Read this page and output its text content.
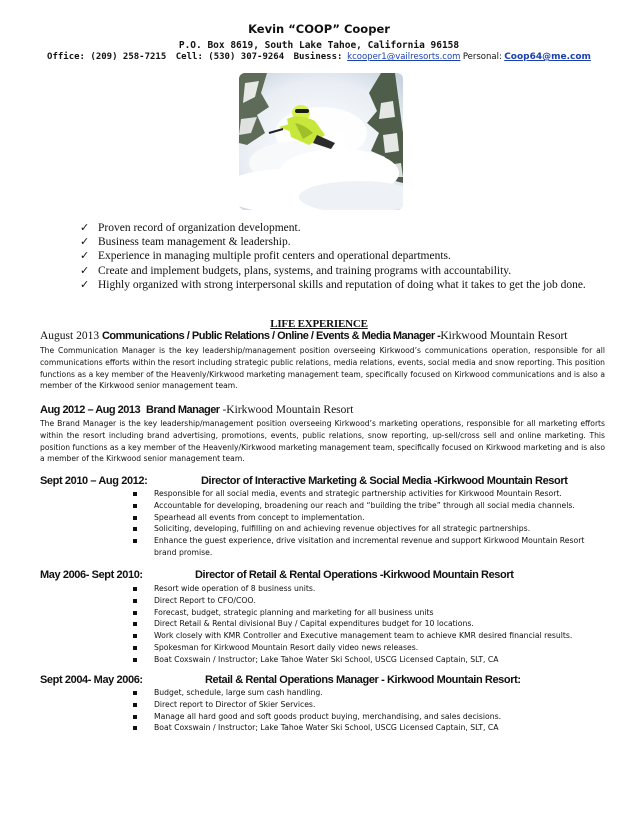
Kevin “COOP” Cooper
P.O. Box 8619, South Lake Tahoe, California 96158
Office: (209) 258-7215 Cell: (530) 307-9264 Business: kcooper1@vailresorts.com Personal: Coop64@me.com
✓ Proven record of organization development.
✓ Business team management & leadership.
✓ Experience in managing multiple profit centers and operational departments.
✓ Create and implement budgets, plans, systems, and training programs with accountability.
✓ Highly organized with strong interpersonal skills and reputation of doing what it takes to get the job done.
LIFE EXPERIENCE
August 2013 Communications / Public Relations / Online / Events & Media Manager -Kirkwood Mountain Resort
The Communication Manager is the key leadership/management position overseeing Kirkwood’s communications operation, responsible for all communications efforts within the resort including strategic public relations, media relations, events, social media and snow reporting. This position functions as a key member of the Heavenly/Kirkwood marketing management team, specifically focused on Kirkwood communications and is also a member of the Kirkwood senior management team.
Aug 2012 – Aug 2013 Brand Manager -Kirkwood Mountain Resort
The Brand Manager is the key leadership/management position overseeing Kirkwood’s marketing operations, responsible for all marketing efforts within the resort including brand advertising, promotions, events, public relations, snow reporting, up-sell/cross sell and online marketing. This position functions as a key member of the Heavenly/Kirkwood marketing management team, specifically focused on Kirkwood marketing and is also a member of the Kirkwood senior management team.
Sept 2010 – Aug 2012:	Director of Interactive Marketing & Social Media -Kirkwood Mountain Resort
Responsible for all social media, events and strategic partnership activities for Kirkwood Mountain Resort.
Accountable for developing, broadening our reach and “building the tribe” through all social media channels.
Spearhead all events from concept to implementation.
Soliciting, developing, fulfilling on and achieving revenue objectives for all strategic partnerships.
Enhance the guest experience, drive visitation and incremental revenue and support Kirkwood Mountain Resort brand promise.
May 2006- Sept 2010:	Director of Retail & Rental Operations -Kirkwood Mountain Resort
Resort wide operation of 8 business units.
Direct Report to CFO/COO.
Forecast, budget, strategic planning and marketing for all business units
Direct Retail & Rental divisional Buy / Capital expenditures budget for 10 locations.
Work closely with KMR Controller and Executive management team to achieve KMR desired financial results.
Spokesman for Kirkwood Mountain Resort daily video news releases.
Boat Coxswain / Instructor; Lake Tahoe Water Ski School, USCG Licensed Captain, SLT, CA
Sept 2004- May 2006:	Retail & Rental Operations Manager - Kirkwood Mountain Resort:
Budget, schedule, large sum cash handling.
Direct report to Director of Skier Services.
Manage all hard good and soft goods product buying, merchandising, and sales decisions.
Boat Coxswain / Instructor; Lake Tahoe Water Ski School, USCG Licensed Captain, SLT, CA
